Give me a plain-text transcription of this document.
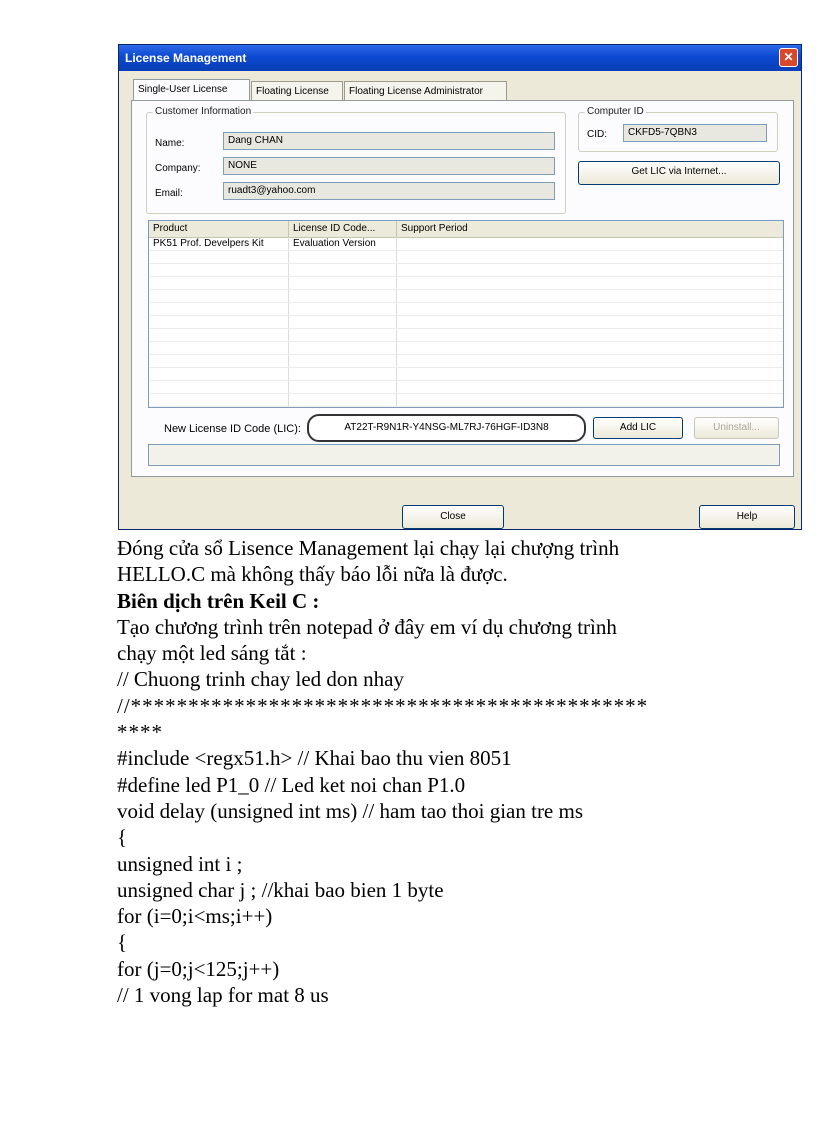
License Management	✕
Single-User License	Floating License	Floating License Administrator
Customer Information
Name:	Dang CHAN
Company:	NONE
Email:	ruadt3@yahoo.com
Computer ID
CID:	CKFD5-7QBN3
Get LIC via Internet...
Product	License ID Code...	Support Period
PK51 Prof. Develpers Kit	Evaluation Version
New License ID Code (LIC):	AT22T-R9N1R-Y4NSG-ML7RJ-76HGF-ID3N8	Add LIC	Uninstall...
Close	Help
Đóng cửa sổ Lisence Management lại chạy lại chượng trình
HELLO.C mà không thấy báo lỗi nữa là được.
Biên dịch trên Keil C :
Tạo chương trình trên notepad ở đây em ví dụ chương trình
chạy một led sáng tắt :
// Chuong trinh chay led don nhay
//*********************************************
****
#include <regx51.h> // Khai bao thu vien 8051
#define led P1_0 // Led ket noi chan P1.0
void delay (unsigned int ms) // ham tao thoi gian tre ms
{
unsigned int i ;
unsigned char j ; //khai bao bien 1 byte
for (i=0;i<ms;i++)
{
for (j=0;j<125;j++)
// 1 vong lap for mat 8 us
